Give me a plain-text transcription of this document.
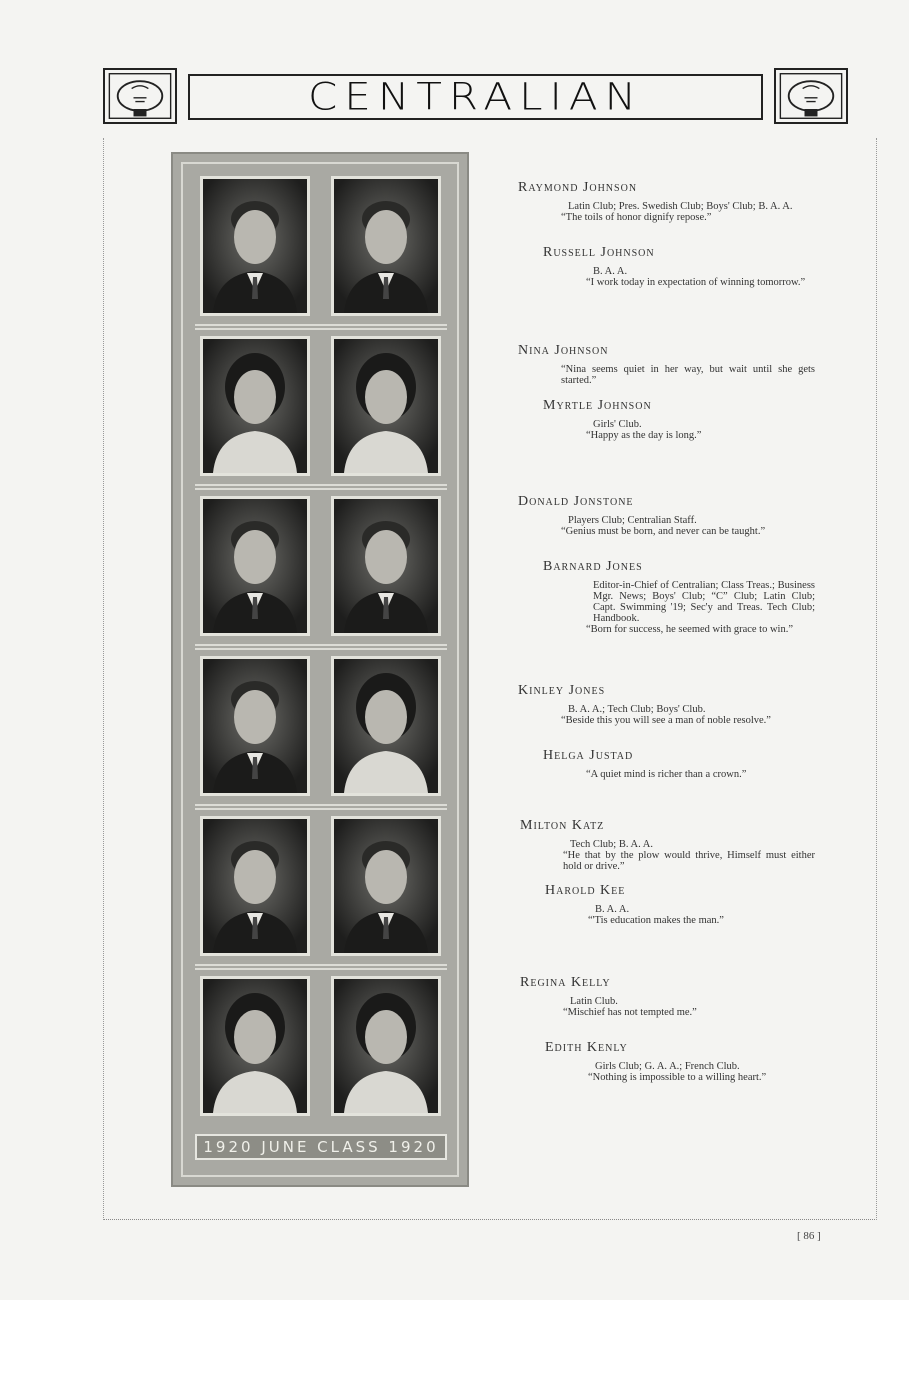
CENTRALIAN
1920 JUNE CLASS 1920
Raymond Johnson
Latin Club; Pres. Swedish Club; Boys' Club; B. A. A.
“The toils of honor dignify repose.”
Russell Johnson
B. A. A.
“I work today in expectation of winning tomorrow.”
Nina Johnson
“Nina seems quiet in her way, but wait until she gets started.”
Myrtle Johnson
Girls' Club.
“Happy as the day is long.”
Donald Jonstone
Players Club; Centralian Staff.
“Genius must be born, and never can be taught.”
Barnard Jones
Editor-in-Chief of Centralian; Class Treas.; Business Mgr. News; Boys' Club; “C” Club; Latin Club; Capt. Swimming '19; Sec'y and Treas. Tech Club; Handbook.
“Born for success, he seemed with grace to win.”
Kinley Jones
B. A. A.; Tech Club; Boys' Club.
“Beside this you will see a man of noble resolve.”
Helga Justad
“A quiet mind is richer than a crown.”
Milton Katz
Tech Club; B. A. A.
“He that by the plow would thrive, Himself must either hold or drive.”
Harold Kee
B. A. A.
“'Tis education makes the man.”
Regina Kelly
Latin Club.
“Mischief has not tempted me.”
Edith Kenly
Girls Club; G. A. A.; French Club.
“Nothing is impossible to a willing heart.”
[ 86 ]
